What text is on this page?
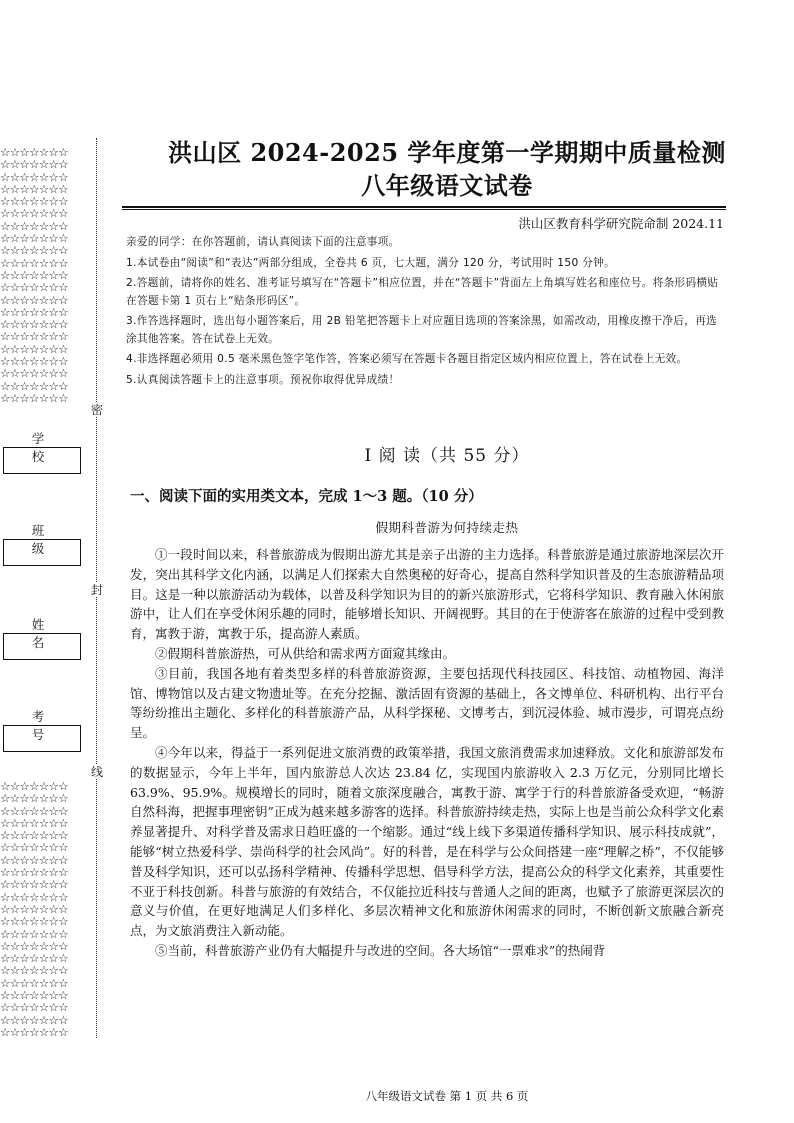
☆☆☆☆☆☆☆
☆☆☆☆☆☆☆
☆☆☆☆☆☆☆
☆☆☆☆☆☆☆
☆☆☆☆☆☆☆
☆☆☆☆☆☆☆
☆☆☆☆☆☆☆
☆☆☆☆☆☆☆
☆☆☆☆☆☆☆
☆☆☆☆☆☆☆
☆☆☆☆☆☆☆
☆☆☆☆☆☆☆
☆☆☆☆☆☆☆
☆☆☆☆☆☆☆
☆☆☆☆☆☆☆
☆☆☆☆☆☆☆
☆☆☆☆☆☆☆
☆☆☆☆☆☆☆
☆☆☆☆☆☆☆
☆☆☆☆☆☆☆
☆☆☆☆☆☆☆
☆☆☆☆☆☆☆
☆☆☆☆☆☆☆
☆☆☆☆☆☆☆
☆☆☆☆☆☆☆
☆☆☆☆☆☆☆
☆☆☆☆☆☆☆
☆☆☆☆☆☆☆
☆☆☆☆☆☆☆
☆☆☆☆☆☆☆
☆☆☆☆☆☆☆
☆☆☆☆☆☆☆
☆☆☆☆☆☆☆
☆☆☆☆☆☆☆
☆☆☆☆☆☆☆
☆☆☆☆☆☆☆
☆☆☆☆☆☆☆
☆☆☆☆☆☆☆
☆☆☆☆☆☆☆
☆☆☆☆☆☆☆
☆☆☆☆☆☆☆
☆☆☆☆☆☆☆
学 校
班 级
姓 名
考 号
密
封
线
洪山区 2024-2025 学年度第一学期期中质量检测
八年级语文试卷
洪山区教育科学研究院命制 2024.11

亲爱的同学：在你答题前，请认真阅读下面的注意事项。

1.本试卷由“阅读”和“表达”两部分组成，全卷共 6 页，七大题，满分 120 分，考试用时 150 分钟。

2.答题前，请将你的姓名、准考证号填写在“答题卡”相应位置，并在“答题卡”背面左上角填写姓名和座位号。将条形码横贴在答题卡第 1 页右上“贴条形码区”。

3.作答选择题时，选出每小题答案后，用 2B 铅笔把答题卡上对应题目选项的答案涂黑，如需改动，用橡皮擦干净后，再选涂其他答案。答在试卷上无效。

4.非选择题必须用 0.5 毫米黑色签字笔作答，答案必须写在答题卡各题目指定区域内相应位置上，答在试卷上无效。

5.认真阅读答题卡上的注意事项。预祝你取得优异成绩！

Ⅰ 阅 读（共 55 分）
一、阅读下面的实用类文本，完成 1～3 题。（10 分）
假期科普游为何持续走热

①一段时间以来，科普旅游成为假期出游尤其是亲子出游的主力选择。科普旅游是通过旅游地深层次开发，突出其科学文化内涵，以满足人们探索大自然奥秘的好奇心，提高自然科学知识普及的生态旅游精品项目。这是一种以旅游活动为载体，以普及科学知识为目的的新兴旅游形式，它将科学知识、教育融入休闲旅游中，让人们在享受休闲乐趣的同时，能够增长知识、开阔视野。其目的在于使游客在旅游的过程中受到教育，寓教于游，寓教于乐，提高游人素质。

②假期科普旅游热，可从供给和需求两方面窥其缘由。

③目前，我国各地有着类型多样的科普旅游资源，主要包括现代科技园区、科技馆、动植物园、海洋馆、博物馆以及古建文物遗址等。在充分挖掘、激活固有资源的基础上，各文博单位、科研机构、出行平台等纷纷推出主题化、多样化的科普旅游产品，从科学探秘、文博考古，到沉浸体验、城市漫步，可谓亮点纷呈。

④今年以来，得益于一系列促进文旅消费的政策举措，我国文旅消费需求加速释放。文化和旅游部发布的数据显示，今年上半年，国内旅游总人次达 23.84 亿，实现国内旅游收入 2.3 万亿元，分别同比增长 63.9%、95.9%。规模增长的同时，随着文旅深度融合，寓教于游、寓学于行的科普旅游备受欢迎，“畅游自然科海，把握事理密钥”正成为越来越多游客的选择。科普旅游持续走热，实际上也是当前公众科学文化素养显著提升、对科学普及需求日趋旺盛的一个缩影。通过“线上线下多渠道传播科学知识、展示科技成就”，能够“树立热爱科学、崇尚科学的社会风尚”。好的科普，是在科学与公众间搭建一座“理解之桥”，不仅能够普及科学知识，还可以弘扬科学精神、传播科学思想、倡导科学方法，提高公众的科学文化素养，其重要性不亚于科技创新。科普与旅游的有效结合，不仅能拉近科技与普通人之间的距离，也赋予了旅游更深层次的意义与价值，在更好地满足人们多样化、多层次精神文化和旅游休闲需求的同时，不断创新文旅融合新亮点，为文旅消费注入新动能。

⑤当前，科普旅游产业仍有大幅提升与改进的空间。各大场馆“一票难求”的热闹背

八年级语文试卷 第 1 页 共 6 页
